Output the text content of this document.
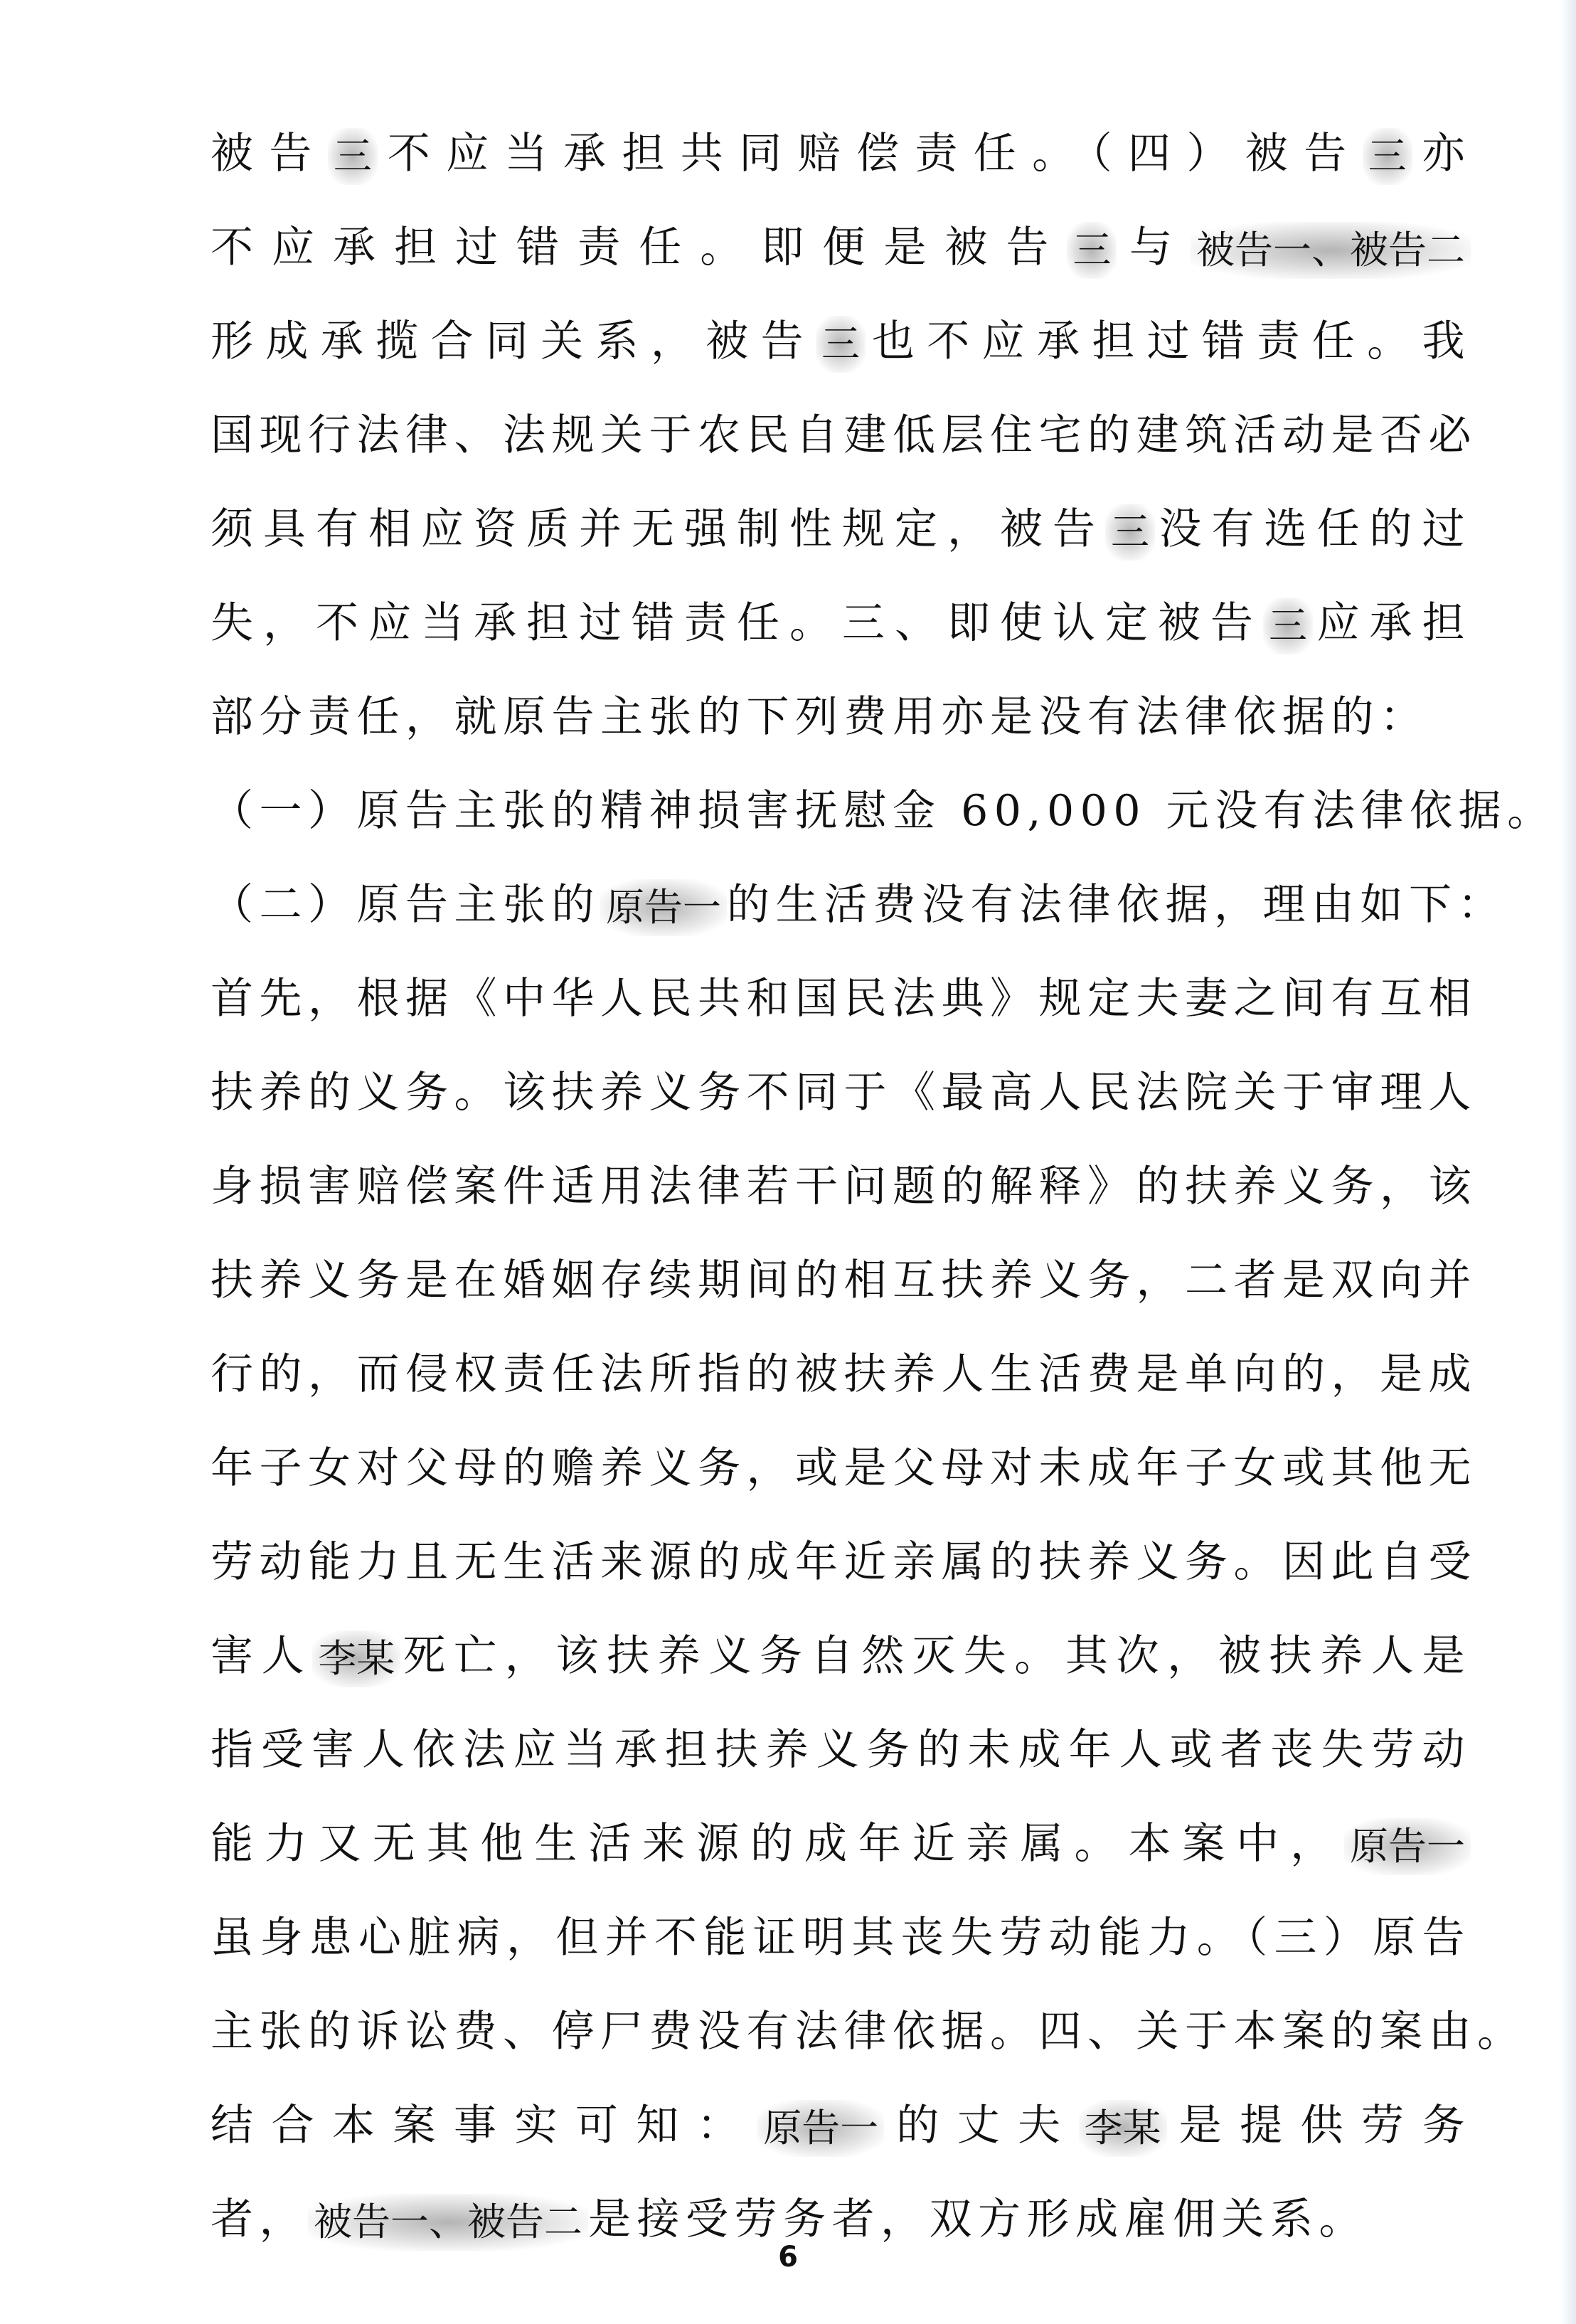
被告 三 不应当承担共同赔偿责任。（四）被告 三 亦
不应承担过错责任。即便是被告 三 与 被告一、被告二
形成承揽合同关系，被告 三 也不应承担过错责任。我
国现行法律、法规关于农民自建低层住宅的建筑活动是否必
须具有相应资质并无强制性规定，被告 三 没有选任的过
失，不应当承担过错责任。三、即使认定被告 三 应承担
部分责任，就原告主张的下列费用亦是没有法律依据的：
（一）原告主张的精神损害抚慰金 60,000 元没有法律依据。
（二）原告主张的 原告一 的生活费没有法律依据，理由如下：
首先，根据《中华人民共和国民法典》规定夫妻之间有互相
扶养的义务。该扶养义务不同于《最高人民法院关于审理人
身损害赔偿案件适用法律若干问题的解释》的扶养义务，该
扶养义务是在婚姻存续期间的相互扶养义务，二者是双向并
行的，而侵权责任法所指的被扶养人生活费是单向的，是成
年子女对父母的赡养义务，或是父母对未成年子女或其他无
劳动能力且无生活来源的成年近亲属的扶养义务。因此自受
害人 李某 死亡，该扶养义务自然灭失。其次，被扶养人是
指受害人依法应当承担扶养义务的未成年人或者丧失劳动
能力又无其他生活来源的成年近亲属。本案中， 原告一
虽身患心脏病，但并不能证明其丧失劳动能力。（三）原告
主张的诉讼费、停尸费没有法律依据。四、关于本案的案由。
结合本案事实可知： 原告一 的丈夫 李某 是提供劳务
者， 被告一、被告二 是接受劳务者，双方形成雇佣关系。
6
